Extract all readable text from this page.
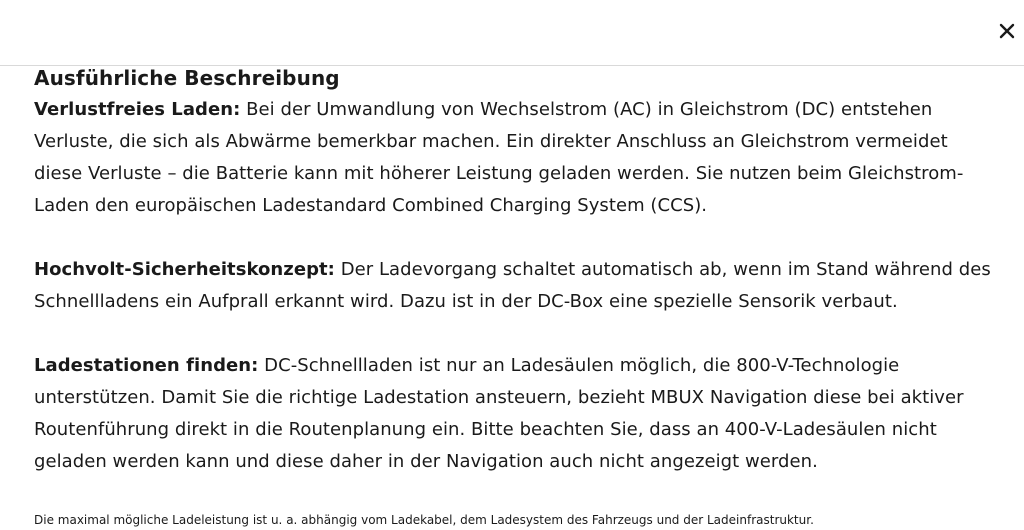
Ausführliche Beschreibung

Verlustfreies Laden: Bei der Umwandlung von Wechselstrom (AC) in Gleichstrom (DC) entstehen Verluste, die sich als Abwärme bemerkbar machen. Ein direkter Anschluss an Gleichstrom vermeidet diese Verluste – die Batterie kann mit höherer Leistung geladen werden. Sie nutzen beim Gleichstrom-Laden den europäischen Ladestandard Combined Charging System (CCS).

Hochvolt-Sicherheitskonzept: Der Ladevorgang schaltet automatisch ab, wenn im Stand während des Schnellladens ein Aufprall erkannt wird. Dazu ist in der DC-Box eine spezielle Sensorik verbaut.

Ladestationen finden: DC-Schnellladen ist nur an Ladesäulen möglich, die 800-V-Technologie unterstützen. Damit Sie die richtige Ladestation ansteuern, bezieht MBUX Navigation diese bei aktiver Routenführung direkt in die Routenplanung ein. Bitte beachten Sie, dass an 400-V-Ladesäulen nicht geladen werden kann und diese daher in der Navigation auch nicht angezeigt werden.

Die maximal mögliche Ladeleistung ist u. a. abhängig vom Ladekabel, dem Ladesystem des Fahrzeugs und der Ladeinfrastruktur.
